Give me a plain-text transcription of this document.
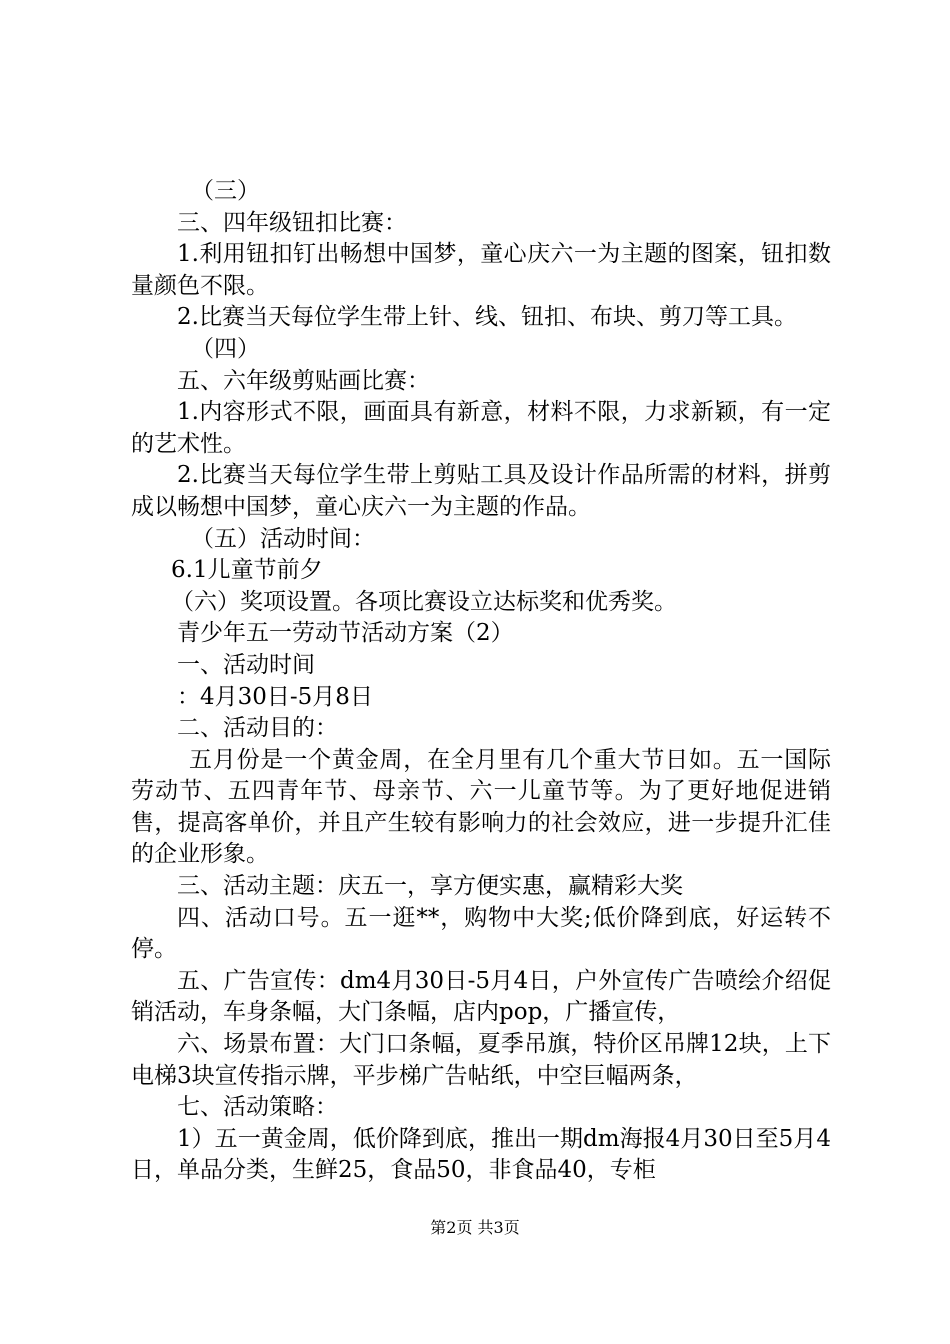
（三）

三、四年级钮扣比赛：

1.利用钮扣钉出畅想中国梦，童心庆六一为主题的图案，钮扣数量颜色不限。

2.比赛当天每位学生带上针、线、钮扣、布块、剪刀等工具。

（四）

五、六年级剪贴画比赛：

1.内容形式不限，画面具有新意，材料不限，力求新颖，有一定的艺术性。

2.比赛当天每位学生带上剪贴工具及设计作品所需的材料，拼剪成以畅想中国梦，童心庆六一为主题的作品。

（五）活动时间：

6.1儿童节前夕

（六）奖项设置。各项比赛设立达标奖和优秀奖。

青少年五一劳动节活动方案（2）

一、活动时间

：4月30日-5月8日

二、活动目的：

五月份是一个黄金周，在全月里有几个重大节日如。五一国际劳动节、五四青年节、母亲节、六一儿童节等。为了更好地促进销售，提高客单价，并且产生较有影响力的社会效应，进一步提升汇佳的企业形象。

三、活动主题：庆五一，享方便实惠，赢精彩大奖

四、活动口号。五一逛**，购物中大奖;低价降到底，好运转不停。

五、广告宣传：dm4月30日-5月4日，户外宣传广告喷绘介绍促销活动，车身条幅，大门条幅，店内pop，广播宣传，

六、场景布置：大门口条幅，夏季吊旗，特价区吊牌12块，上下电梯3块宣传指示牌，平步梯广告帖纸，中空巨幅两条，

七、活动策略：

1）五一黄金周，低价降到底，推出一期dm海报4月30日至5月4日，单品分类，生鲜25，食品50，非食品40，专柜

第2页 共3页
